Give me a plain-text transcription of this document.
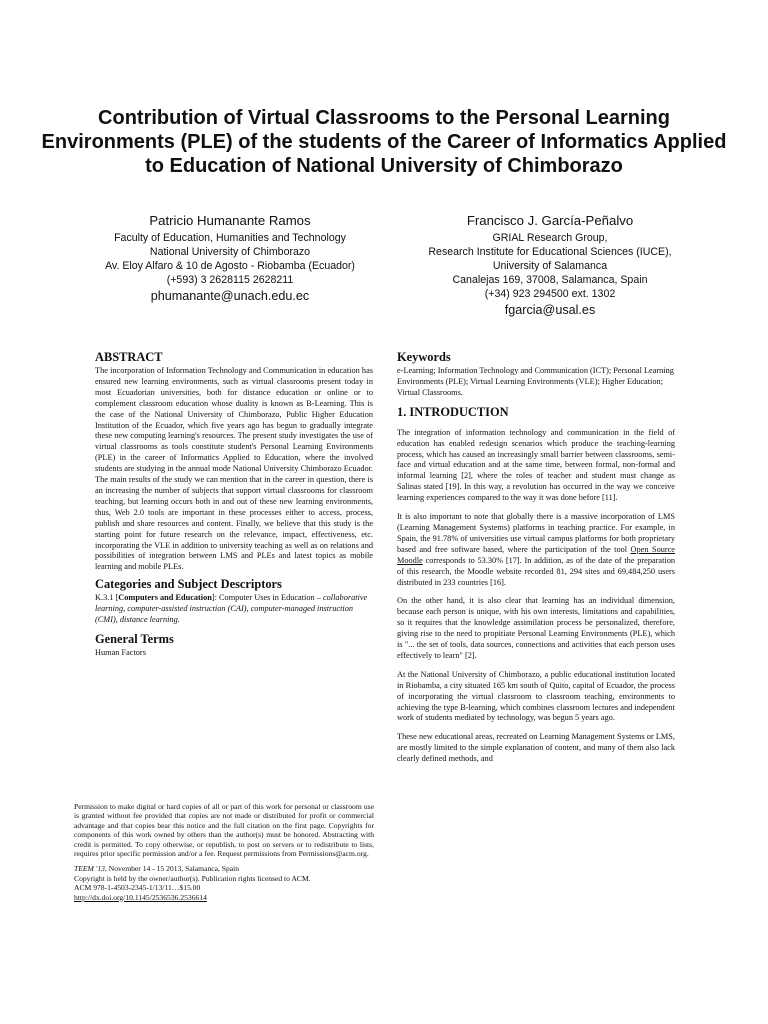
Contribution of Virtual Classrooms to the Personal Learning Environments (PLE) of the students of the Career of Informatics Applied to Education of National University of Chimborazo
Patricio Humanante Ramos
Faculty of Education, Humanities and Technology
National University of Chimborazo
Av. Eloy Alfaro & 10 de Agosto - Riobamba (Ecuador)
(+593) 3 2628115 2628211
phumanante@unach.edu.ec
Francisco J. García-Peñalvo
GRIAL Research Group,
Research Institute for Educational Sciences (IUCE),
University of Salamanca
Canalejas 169, 37008, Salamanca, Spain
(+34) 923 294500 ext. 1302
fgarcia@usal.es
ABSTRACT

The incorporation of Information Technology and Communication in education has ensured new learning environments, such as virtual classrooms present today in most Ecuadorian universities, both for distance education or online or to complement classroom education whose duality is known as B-Learning. This is the case of the National University of Chimborazo, Public Higher Education Institution of the Ecuador, which five years ago has begun to gradually integrate these new computing learning's resources. The present study investigates the use of virtual classrooms as tools constitute student's Personal Learning Environments (PLE) in the career of Informatics Applied to Education, where the involved students are studying in the annual mode National University Chimborazo Ecuador. The main results of the study we can mention that in the career in question, there is an increasing the number of subjects that support virtual classrooms for classroom teaching, but learning occurs both in and out of these new learning environments, thus, Web 2.0 tools are important in these processes either to access, process, publish and share resources and content. Finally, we believe that this study is the starting point for future research on the relevance, impact, effectiveness, etc. incorporating the VLE in addition to university teaching as well as on relations and possibilities of integration between LMS and PLEs and latest topics as mobile learning and mobile PLEs.

Categories and Subject Descriptors

K.3.1 [Computers and Education]: Computer Uses in Education – collaborative learning, computer-assisted instruction (CAI), computer-managed instruction (CMI), distance learning.

General Terms

Human Factors

Permission to make digital or hard copies of all or part of this work for personal or classroom use is granted without fee provided that copies are not made or distributed for profit or commercial advantage and that copies bear this notice and the full citation on the first page. Copyrights for components of this work owned by others than the author(s) must be honored. Abstracting with credit is permitted. To copy otherwise, or republish, to post on servers or to redistribute to lists, requires prior specific permission and/or a fee. Request permissions from Permissions@acm.org.

TEEM '13, November 14 - 15 2013, Salamanca, Spain

Copyright is held by the owner/author(s). Publication rights licensed to ACM.

ACM 978-1-4503-2345-1/13/11…$15.00

http://dx.doi.org/10.1145/2536536.2536614

Keywords

e-Learning; Information Technology and Communication (ICT); Personal Learning Environments (PLE); Virtual Learning Environments (VLE); Higher Education; Virtual Classrooms.

1. INTRODUCTION

The integration of information technology and communication in the field of education has enabled redesign scenarios which produce the teaching-learning process, which has caused an increasingly small barrier between classrooms, semi-face and virtual education and at the same time, between formal, non-formal and informal learning [2], where the roles of teacher and student must change as Salinas stated [19]. In this way, a revolution has occurred in the way we conceive learning experiences compared to the way it was done before [11].

It is also important to note that globally there is a massive incorporation of LMS (Learning Management Systems) platforms in teaching practice. For example, in Spain, the 91.78% of universities use virtual campus platforms for both proprietary based and free software based, where the participation of the tool Open Source Moodle corresponds to 53.30% [17]. In addition, as of the date of the preparation of this research, the Moodle website recorded 81, 294 sites and 69,484,250 users distributed in 233 countries [16].

On the other hand, it is also clear that learning has an individual dimension, because each person is unique, with his own interests, limitations and capabilities, so it requires that the knowledge assimilation process be personalized, therefore, giving rise to the need to propitiate Personal Learning Environments (PLE), which is "... the set of tools, data sources, connections and activities that each person uses effectively to learn" [2].

At the National University of Chimborazo, a public educational institution located in Riobamba, a city situated 165 km south of Quito, capital of Ecuador, the process of incorporating the virtual classroom to classroom teaching, environments to achieving the type B-learning, which combines classroom lectures and independent work of students mediated by technology, was begun 5 years ago.

These new educational areas, recreated on Learning Management Systems or LMS, are mostly limited to the simple explanation of content, and many of them also lack clearly defined methods, and
